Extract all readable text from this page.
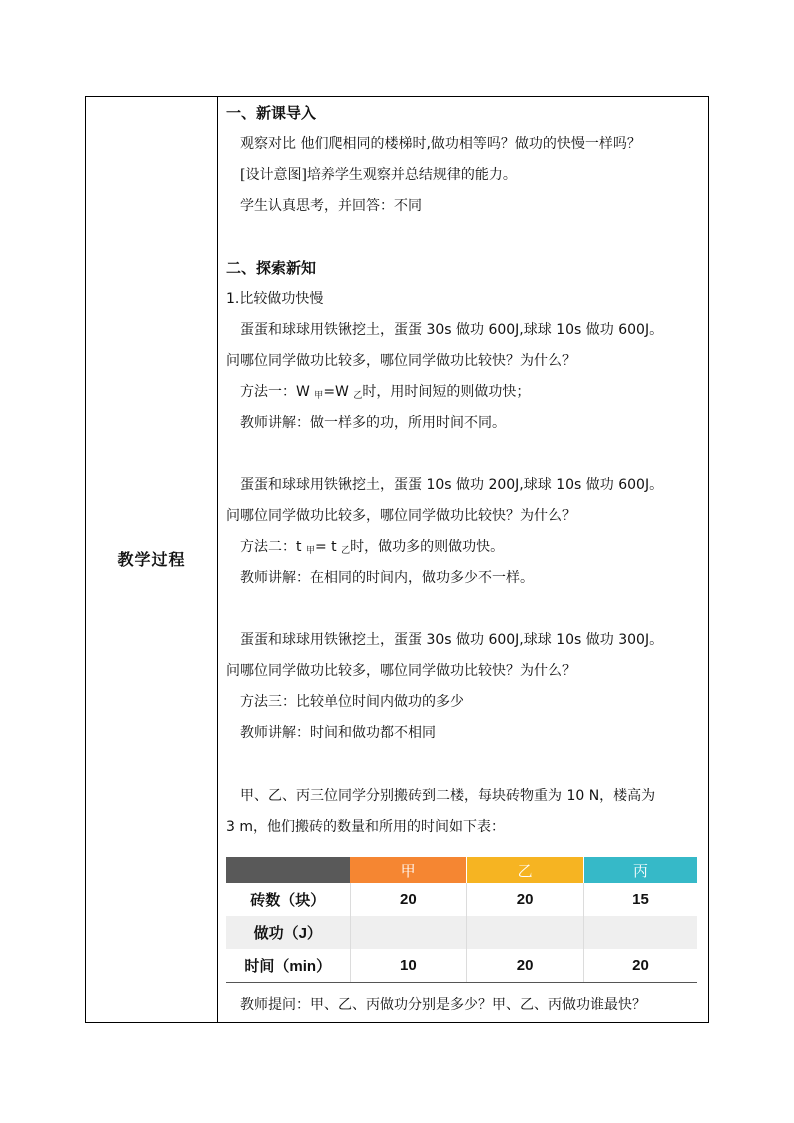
教学过程
一、新课导入
观察对比 他们爬相同的楼梯时,做功相等吗？做功的快慢一样吗？
[设计意图]培养学生观察并总结规律的能力。
学生认真思考，并回答：不同
二、探索新知
1.比较做功快慢
蛋蛋和球球用铁锹挖土，蛋蛋 30s 做功 600J,球球 10s 做功 600J。
问哪位同学做功比较多，哪位同学做功比较快？为什么？
方法一：W $_甲$=W $_乙$时，用时间短的则做功快；
教师讲解：做一样多的功，所用时间不同。
蛋蛋和球球用铁锹挖土，蛋蛋 10s 做功 200J,球球 10s 做功 600J。
问哪位同学做功比较多，哪位同学做功比较快？为什么？
方法二：t $_甲$= t $_乙$时，做功多的则做功快。
教师讲解：在相同的时间内，做功多少不一样。
蛋蛋和球球用铁锹挖土，蛋蛋 30s 做功 600J,球球 10s 做功 300J。
问哪位同学做功比较多，哪位同学做功比较快？为什么？
方法三：比较单位时间内做功的多少
教师讲解：时间和做功都不相同
甲、乙、丙三位同学分别搬砖到二楼，每块砖物重为 10 N，楼高为
3 m，他们搬砖的数量和所用的时间如下表：
	甲	乙	丙
砖数（块）	20	20	15
做功（J）			
时间（min）	10	20	20
教师提问：甲、乙、丙做功分别是多少？甲、乙、丙做功谁最快？
